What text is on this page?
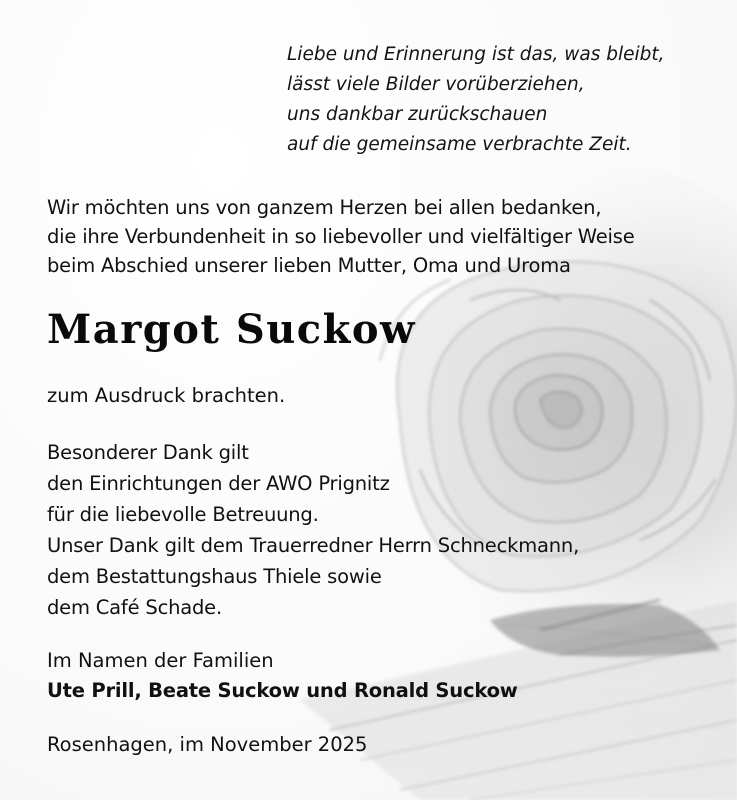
Liebe und Erinnerung ist das, was bleibt,
lässt viele Bilder vorüberziehen,
uns dankbar zurückschauen
auf die gemeinsame verbrachte Zeit.
Wir möchten uns von ganzem Herzen bei allen bedanken,
die ihre Verbundenheit in so liebevoller und vielfältiger Weise
beim Abschied unserer lieben Mutter, Oma und Uroma
Margot Suckow
zum Ausdruck brachten.
Besonderer Dank gilt
den Einrichtungen der AWO Prignitz
für die liebevolle Betreuung.
Unser Dank gilt dem Trauerredner Herrn Schneckmann,
dem Bestattungshaus Thiele sowie
dem Café Schade.
Im Namen der Familien
Ute Prill, Beate Suckow und Ronald Suckow
Rosenhagen, im November 2025
